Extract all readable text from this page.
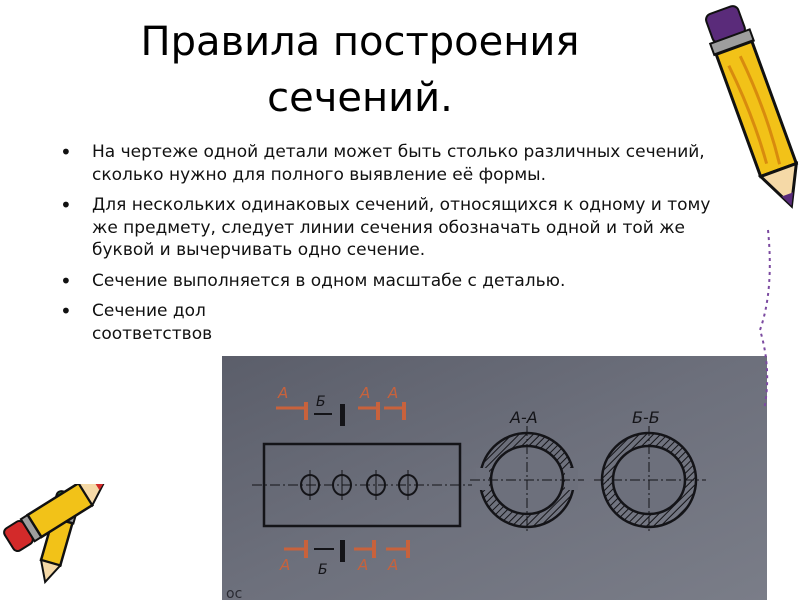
Правила построения
сечений.
• На чертеже одной детали может быть столько различных сечений, сколько нужно для полного выявление её формы.
• Для нескольких одинаковых сечений, относящихся к одному и тому же предмету, следует линии сечения обозначать одной и той же буквой и вычерчивать одно сечение.
• Сечение выполняется в одном масштабе с деталью.
• Сечение дол
соответствов
А Б А А
А Б А А
А-А	Б-Б
ос
